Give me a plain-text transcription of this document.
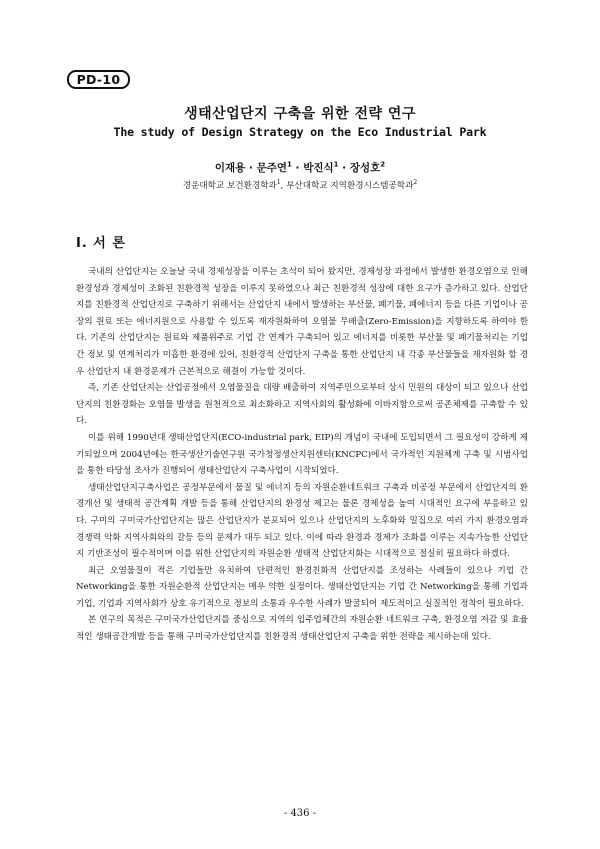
PD-10
생태산업단지 구축을 위한 전략 연구
The study of Design Strategy on the Eco Industrial Park
이재용 · 문주연$^1$ · 박진식$^1$ · 장성호$^2$
경운대학교 보건환경학과$^1$, 부산대학교 지역환경시스템공학과$^2$
Ⅰ. 서 론

국내의 산업단지는 오늘날 국내 경제성장을 이루는 초석이 되어 왔지만, 경제성장 과정에서 발생한 환경오염으로 인해 환경성과 경제성이 조화된 친환경적 성장을 이루지 못하였으나 최근 친환경적 성장에 대한 요구가 증가하고 있다. 산업단지를 친환경적 산업단지로 구축하기 위해서는 산업단지 내에서 발생하는 부산물, 폐기물, 폐에너지 등을 다른 기업이나 공장의 원료 또는 에너지원으로 사용할 수 있도록 재자원화하여 오염물 무배출(Zero-Emission)을 지향하도록 하여야 한다. 기존의 산업단지는 원료와 제품위주로 기업 간 연계가 구축되어 있고 에너지를 비롯한 부산물 및 폐기물처리는 기업 간 정보 및 연계처리가 미흡한 환경에 있어, 친환경적 산업단지 구축을 통한 산업단지 내 각종 부산물들을 재자원화 할 경우 산업단지 내 환경문제가 근본적으로 해결이 가능할 것이다.

즉, 기존 산업단지는 산업공정에서 오염물질을 대량 배출하여 지역주민으로부터 상시 민원의 대상이 되고 있으나 산업단지의 친환경화는 오염물 발생을 원천적으로 최소화하고 지역사회의 활성화에 이바지함으로써 공존체제를 구축할 수 있다.

이를 위해 1990년대 생태산업단지(ECO-industrial park, EIP)의 개념이 국내에 도입되면서 그 필요성이 강하게 제기되었으며 2004년에는 한국생산기술연구원 국가청정생산지원센터(KNCPC)에서 국가적인 지원체계 구축 및 시범사업을 통한 타당성 조사가 진행되어 생태산업단지 구축사업이 시작되었다.

생태산업단지구축사업은 공정부문에서 물질 및 에너지 등의 자원순환네트워크 구축과 비공정 부문에서 산업단지의 환경개선 및 생태적 공간계획 개발 등을 통해 산업단지의 환경성 제고는 물론 경제성을 높여 시대적인 요구에 부응하고 있다. 구미의 구미국가산업단지는 많은 산업단지가 분포되어 있으나 산업단지의 노후화와 밀집으로 여러 가지 환경오염과 경쟁력 악화 지역사회와의 갈등 등의 문제가 대두 되고 있다. 이에 따라 환경과 경제가 조화를 이루는 지속가능한 산업단지 기반조성이 필수적이며 이를 위한 산업단지의 자원순환 생태적 산업단지화는 시대적으로 절실히 필요하다 하겠다.

최근 오염물질이 적은 기업들만 유치하여 단편적인 환경친화적 산업단지를 조성하는 사례들이 있으나 기업 간 Networking을 통한 자원순환적 산업단지는 매우 약한 실정이다. 생태산업단지는 기업 간 Networking을 통해 기업과 기업, 기업과 지역사회가 상호 유기적으로 정보의 소통과 우수한 사례가 발굴되어 제도적이고 실질적인 정착이 필요하다.

본 연구의 목적은 구미국가산업단지를 중심으로 지역의 입주업체간의 자원순환 네트워크 구축, 환경오염 저감 및 효율적인 생태공간개발 등을 통해 구미국가산업단지를 친환경적 생태산업단지 구축을 위한 전략을 제시하는데 있다.

- 436 -
